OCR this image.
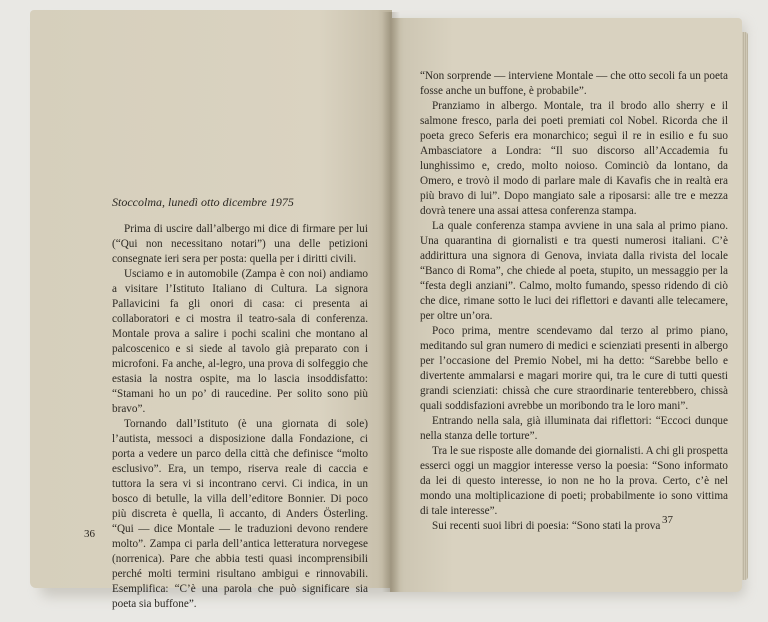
Stoccolma, lunedì otto dicembre 1975

Prima di uscire dall’albergo mi dice di firmare per lui (“Qui non necessitano notari”) una delle petizioni consegnate ieri sera per posta: quella per i diritti civili.

Usciamo e in automobile (Zampa è con noi) andiamo a visitare l’Istituto Italiano di Cultura. La signora Pallavicini fa gli onori di casa: ci presenta ai collaboratori e ci mostra il teatro-sala di conferenza. Montale prova a salire i pochi scalini che montano al palcoscenico e si siede al tavolo già preparato con i microfoni. Fa anche, al-legro, una prova di solfeggio che estasia la nostra ospite, ma lo lascia insoddisfatto: “Stamani ho un po’ di raucedine. Per solito sono più bravo”.

Tornando dall’Istituto (è una giornata di sole) l’autista, messoci a disposizione dalla Fondazione, ci porta a vedere un parco della città che definisce “molto esclusivo”. Era, un tempo, riserva reale di caccia e tuttora la sera vi si incontrano cervi. Ci indica, in un bosco di betulle, la villa dell’editore Bonnier. Di poco più discreta è quella, lì accanto, di Anders Österling. “Qui — dice Montale — le traduzioni devono rendere molto”. Zampa ci parla dell’antica letteratura norvegese (norrenica). Pare che abbia testi quasi incomprensibili perché molti termini risultano ambigui e rinnovabili. Esemplifica: “C’è una parola che può significare sia poeta sia buffone”.

36

“Non sorprende — interviene Montale — che otto secoli fa un poeta fosse anche un buffone, è probabile”.

Pranziamo in albergo. Montale, tra il brodo allo sherry e il salmone fresco, parla dei poeti premiati col Nobel. Ricorda che il poeta greco Seferis era monarchico; seguì il re in esilio e fu suo Ambasciatore a Londra: “Il suo discorso all’Accademia fu lunghissimo e, credo, molto noioso. Cominciò da lontano, da Omero, e trovò il modo di parlare male di Kavafis che in realtà era più bravo di lui”. Dopo mangiato sale a riposarsi: alle tre e mezza dovrà tenere una assai attesa conferenza stampa.

La quale conferenza stampa avviene in una sala al primo piano. Una quarantina di giornalisti e tra questi numerosi italiani. C’è addirittura una signora di Genova, inviata dalla rivista del locale “Banco di Roma”, che chiede al poeta, stupito, un messaggio per la “festa degli anziani”. Calmo, molto fumando, spesso ridendo di ciò che dice, rimane sotto le luci dei riflettori e davanti alle telecamere, per oltre un’ora.

Poco prima, mentre scendevamo dal terzo al primo piano, meditando sul gran numero di medici e scienziati presenti in albergo per l’occasione del Premio Nobel, mi ha detto: “Sarebbe bello e divertente ammalarsi e magari morire qui, tra le cure di tutti questi grandi scienziati: chissà che cure straordinarie tenterebbero, chissà quali soddisfazioni avrebbe un moribondo tra le loro mani”.

Entrando nella sala, già illuminata dai riflettori: “Eccoci dunque nella stanza delle torture”.

Tra le sue risposte alle domande dei giornalisti. A chi gli prospetta esserci oggi un maggior interesse verso la poesia: “Sono informato da lei di questo interesse, io non ne ho la prova. Certo, c’è nel mondo una moltiplicazione di poeti; probabilmente io sono vittima di tale interesse”.

Sui recenti suoi libri di poesia: “Sono stati la prova 37
